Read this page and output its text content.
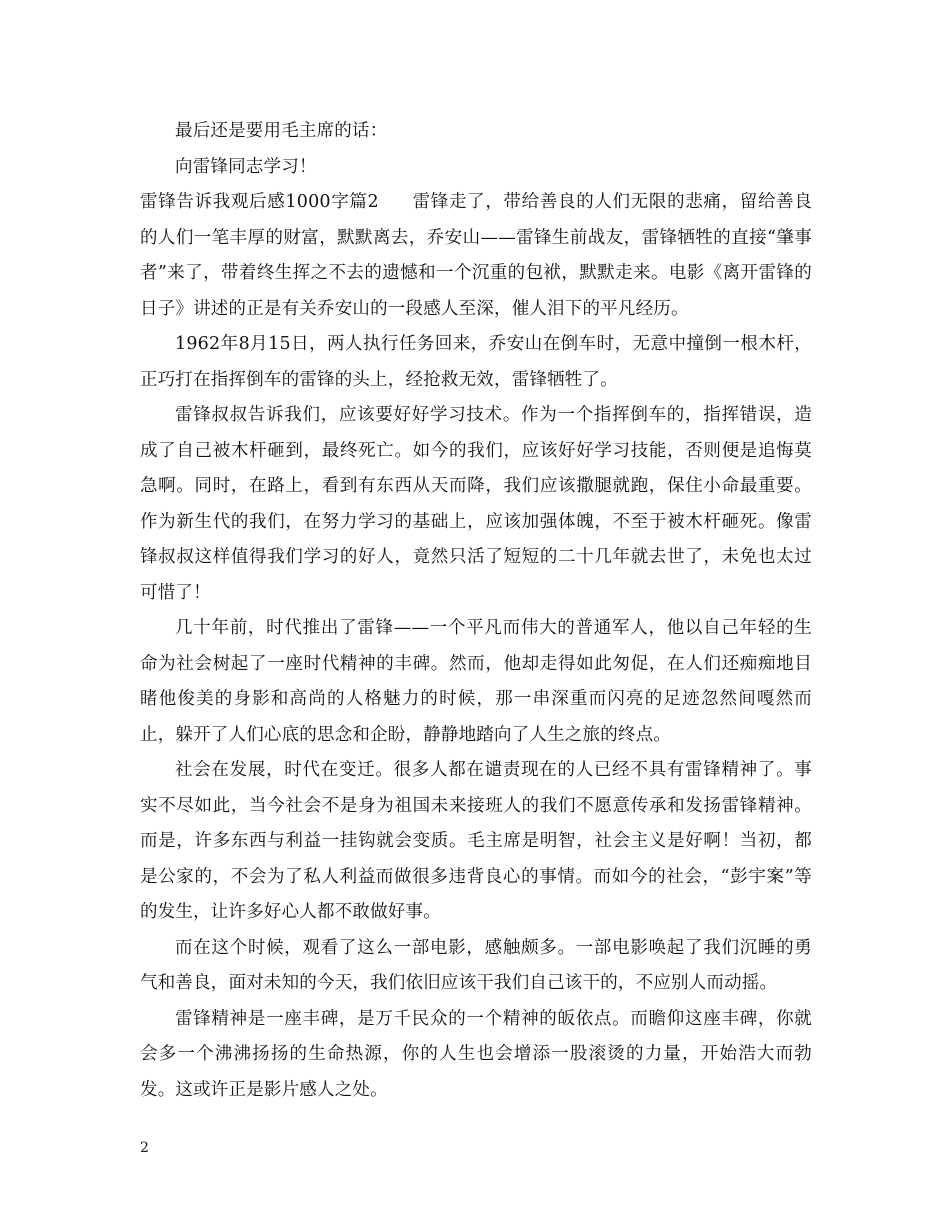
最后还是要用毛主席的话：

向雷锋同志学习！

雷锋告诉我观后感1000字篇2 雷锋走了，带给善良的人们无限的悲痛，留给善良的人们一笔丰厚的财富，默默离去，乔安山——雷锋生前战友，雷锋牺牲的直接“肇事者”来了，带着终生挥之不去的遗憾和一个沉重的包袱，默默走来。电影《离开雷锋的日子》讲述的正是有关乔安山的一段感人至深，催人泪下的平凡经历。

1962年8月15日，两人执行任务回来，乔安山在倒车时，无意中撞倒一根木杆，正巧打在指挥倒车的雷锋的头上，经抢救无效，雷锋牺牲了。

雷锋叔叔告诉我们，应该要好好学习技术。作为一个指挥倒车的，指挥错误，造成了自己被木杆砸到，最终死亡。如今的我们，应该好好学习技能，否则便是追悔莫急啊。同时，在路上，看到有东西从天而降，我们应该撒腿就跑，保住小命最重要。作为新生代的我们，在努力学习的基础上，应该加强体魄，不至于被木杆砸死。像雷锋叔叔这样值得我们学习的好人，竟然只活了短短的二十几年就去世了，未免也太过可惜了！

几十年前，时代推出了雷锋——一个平凡而伟大的普通军人，他以自己年轻的生命为社会树起了一座时代精神的丰碑。然而，他却走得如此匆促，在人们还痴痴地目睹他俊美的身影和高尚的人格魅力的时候，那一串深重而闪亮的足迹忽然间嘎然而止，躲开了人们心底的思念和企盼，静静地踏向了人生之旅的终点。

社会在发展，时代在变迁。很多人都在谴责现在的人已经不具有雷锋精神了。事实不尽如此，当今社会不是身为祖国未来接班人的我们不愿意传承和发扬雷锋精神。而是，许多东西与利益一挂钩就会变质。毛主席是明智，社会主义是好啊！当初，都是公家的，不会为了私人利益而做很多违背良心的事情。而如今的社会，“彭宇案”等的发生，让许多好心人都不敢做好事。

而在这个时候，观看了这么一部电影，感触颇多。一部电影唤起了我们沉睡的勇气和善良，面对未知的今天，我们依旧应该干我们自己该干的，不应别人而动摇。

雷锋精神是一座丰碑，是万千民众的一个精神的皈依点。而瞻仰这座丰碑，你就会多一个沸沸扬扬的生命热源，你的人生也会增添一股滚烫的力量，开始浩大而勃发。这或许正是影片感人之处。

2
